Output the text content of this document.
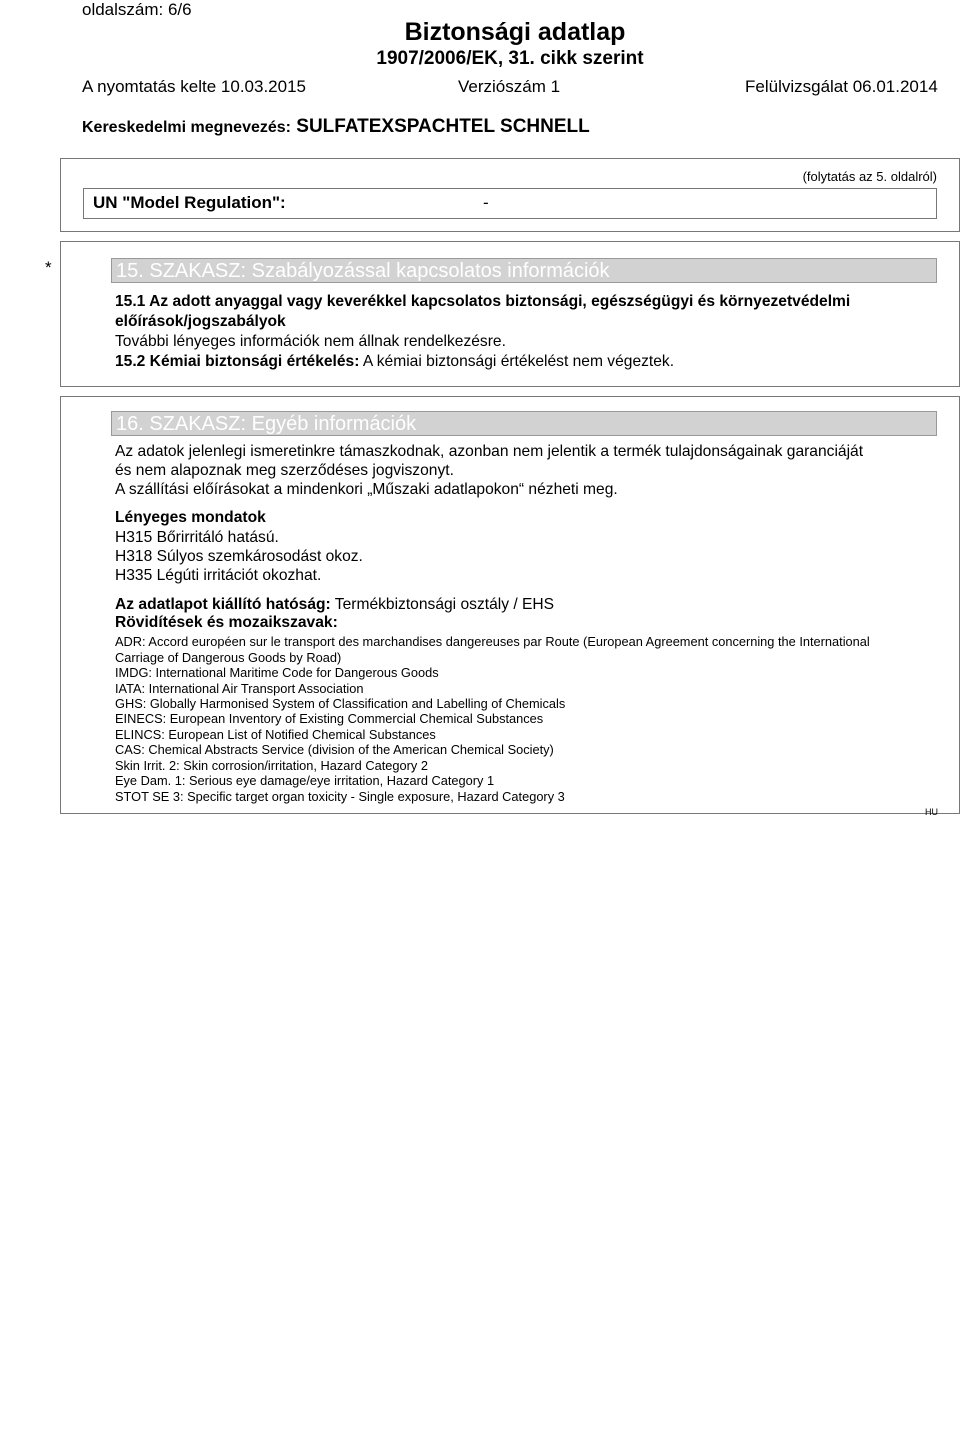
oldalszám: 6/6
Biztonsági adatlap
1907/2006/EK, 31. cikk szerint
A nyomtatás kelte 10.03.2015	Verziószám 1	Felülvizsgálat 06.01.2014
Kereskedelmi megnevezés: SULFATEXSPACHTEL SCHNELL
(folytatás az 5. oldalról)
UN "Model Regulation":	-
*	15. SZAKASZ: Szabályozással kapcsolatos információk
15.1 Az adott anyaggal vagy keverékkel kapcsolatos biztonsági, egészségügyi és környezetvédelmi
előírások/jogszabályok
További lényeges információk nem állnak rendelkezésre.
15.2 Kémiai biztonsági értékelés: A kémiai biztonsági értékelést nem végeztek.
16. SZAKASZ: Egyéb információk
Az adatok jelenlegi ismeretinkre támaszkodnak, azonban nem jelentik a termék tulajdonságainak garanciáját
és nem alapoznak meg szerződéses jogviszonyt.
A szállítási előírásokat a mindenkori „Műszaki adatlapokon“ nézheti meg.
Lényeges mondatok
H315 Bőrirritáló hatású.
H318 Súlyos szemkárosodást okoz.
H335 Légúti irritációt okozhat.
Az adatlapot kiállító hatóság: Termékbiztonsági osztály / EHS
Rövidítések és mozaikszavak:
ADR: Accord européen sur le transport des marchandises dangereuses par Route (European Agreement concerning the International
Carriage of Dangerous Goods by Road)
IMDG: International Maritime Code for Dangerous Goods
IATA: International Air Transport Association
GHS: Globally Harmonised System of Classification and Labelling of Chemicals
EINECS: European Inventory of Existing Commercial Chemical Substances
ELINCS: European List of Notified Chemical Substances
CAS: Chemical Abstracts Service (division of the American Chemical Society)
Skin Irrit. 2: Skin corrosion/irritation, Hazard Category 2
Eye Dam. 1: Serious eye damage/eye irritation, Hazard Category 1
STOT SE 3: Specific target organ toxicity - Single exposure, Hazard Category 3
HU
